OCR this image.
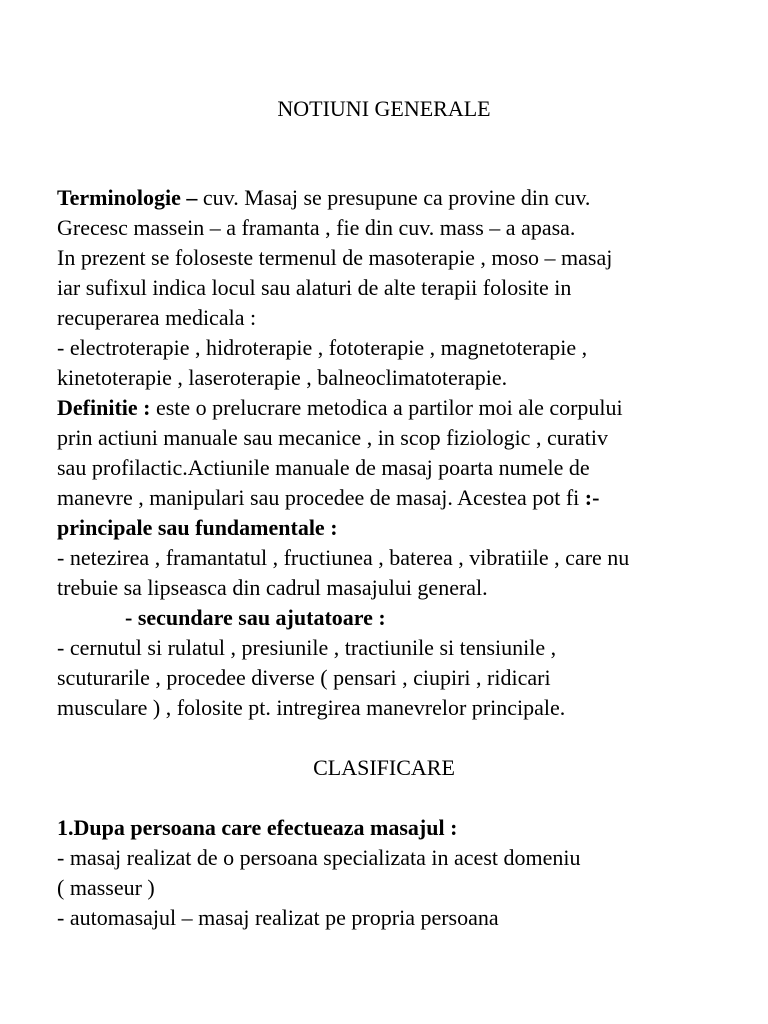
NOTIUNI GENERALE
Terminologie – cuv. Masaj se presupune ca provine din cuv.
Grecesc massein – a framanta , fie din cuv. mass – a apasa.
In prezent se foloseste termenul de masoterapie , moso – masaj
iar sufixul indica locul sau alaturi de alte terapii folosite in
recuperarea medicala :
- electroterapie , hidroterapie , fototerapie , magnetoterapie ,
kinetoterapie , laseroterapie , balneoclimatoterapie.
Definitie : este o prelucrare metodica a partilor moi ale corpului
prin actiuni manuale sau mecanice , in scop fiziologic , curativ
sau profilactic.Actiunile manuale de masaj poarta numele de
manevre , manipulari sau procedee de masaj. Acestea pot fi :-
principale sau fundamentale :
- netezirea , framantatul , fructiunea , baterea , vibratiile , care nu
trebuie sa lipseasca din cadrul masajului general.
- secundare sau ajutatoare :
- cernutul si rulatul , presiunile , tractiunile si tensiunile ,
scuturarile , procedee diverse ( pensari , ciupiri , ridicari
musculare ) , folosite pt. intregirea manevrelor principale.
CLASIFICARE
1.Dupa persoana care efectueaza masajul :
- masaj realizat de o persoana specializata in acest domeniu
( masseur )
- automasajul – masaj realizat pe propria persoana
